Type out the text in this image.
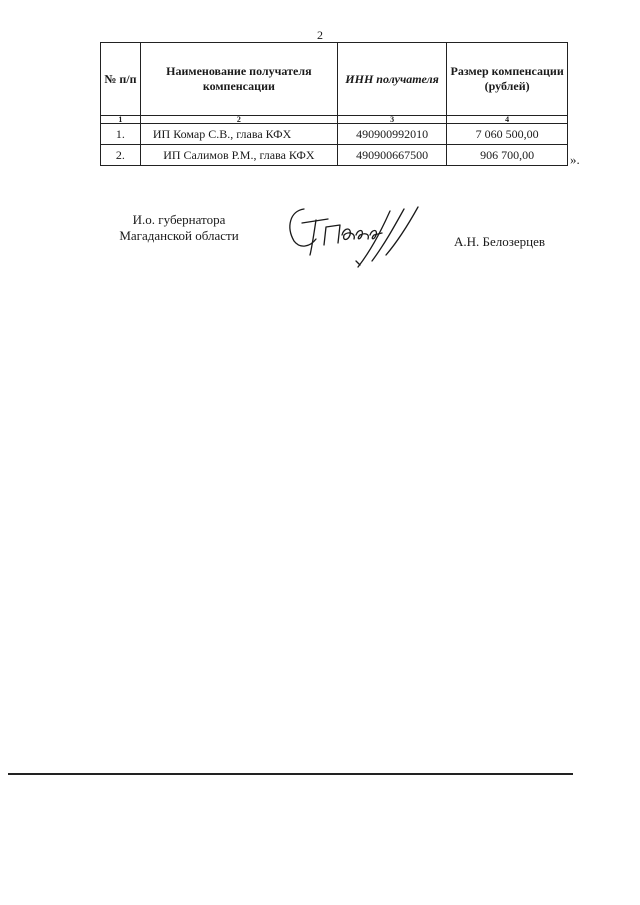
2
№ п/п	Наименование получателя компенсации	ИНН получателя	Размер компенсации (рублей)
1	2	3	4
1.	ИП Комар С.В., глава КФХ	490900992010	7 060 500,00
2.	ИП Салимов Р.М., глава КФХ	490900667500	906 700,00	».
И.о. губернатора
Магаданской области	А.Н. Белозерцев
